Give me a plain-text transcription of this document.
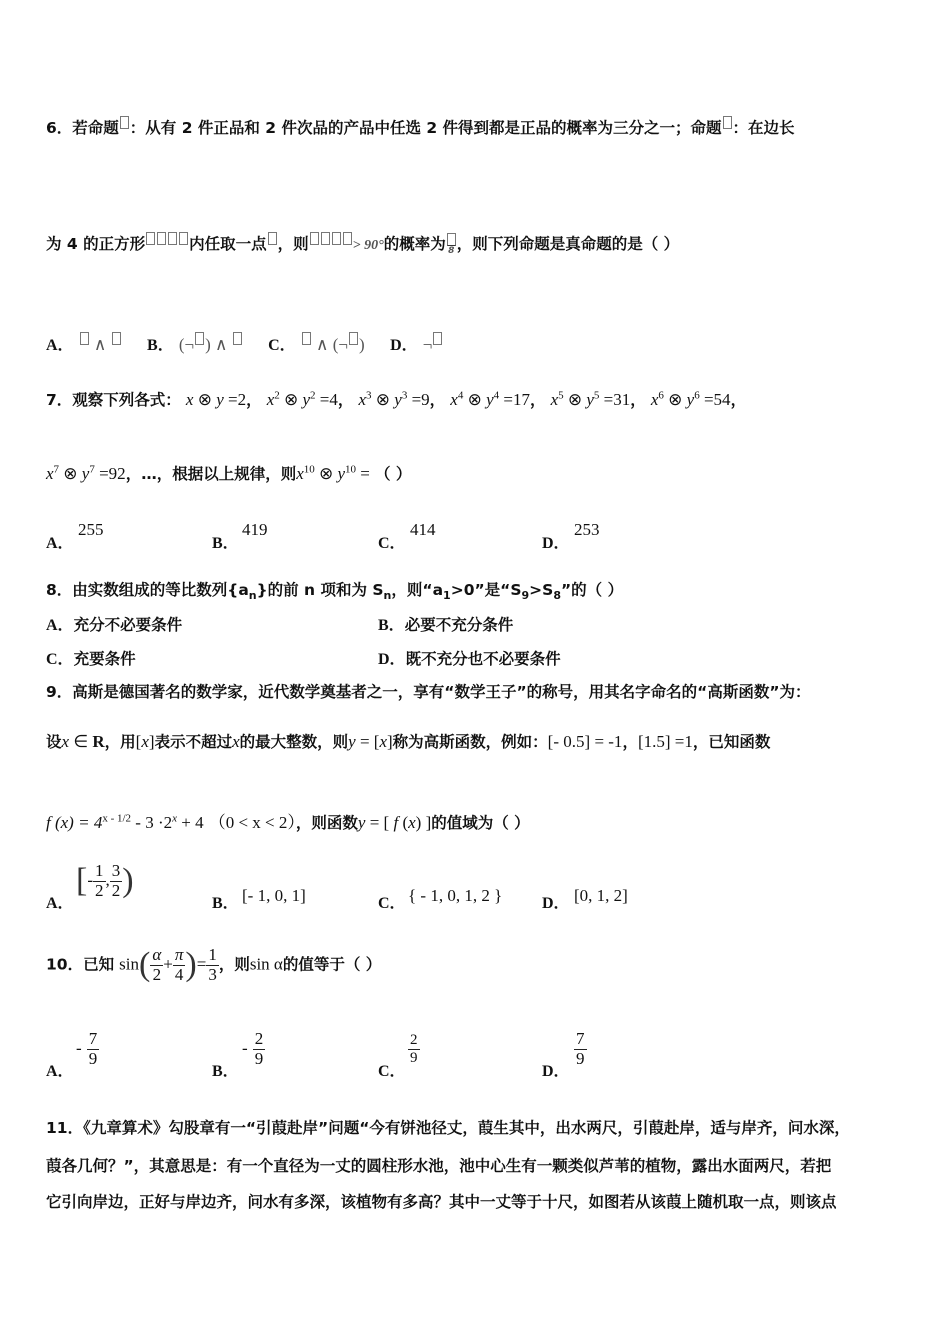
6．若命题 ：从有 2 件正品和 2 件次品的产品中任选 2 件得到都是正品的概率为三分之一；命题 ：在边长
为 4 的正方形	内任取一点 ，则	> 90°的概率为 8 ，则下列命题是真命题的是（ ）
A． ∧	B． (¬ ) ∧      C．  ∧ (¬ ) D． ¬
7．观察下列各式： x ⊗ y =2， $x^2$ ⊗ $y^2 =4$， $x^3$ ⊗ $y^3 =9$， $x^4$ ⊗ $y^4 =17$， $x^5$ ⊗ $y^5 =31$， $x^6$ ⊗ $y^6 =54$，
$x^7$ ⊗ $y^7 =92$，…，根据以上规律，则$x^{10}$ ⊗ $y^{10}$ = （ ）
A．
255
B．
419
C．
414
D．
253
8．由实数组成的等比数列$\{a_n\}$的前 n 项和为 $S_n$，则“$a_1>0$”是“$S_9>S_8$”的（ ）
A．充分不必要条件	B．必要不充分条件
C．充要条件	D．既不充分也不必要条件
9．高斯是德国著名的数学家，近代数学奠基者之一，享有“数学王子”的称号，用其名字命名的“高斯函数”为：
设x ∈ R，用[x]表示不超过x的最大整数，则y = [x]称为高斯函数，例如：[- 0.5] = -1，[1.5] =1，已知函数
f $(x) = 4^{x - 1/2} - 3 \cdot 2^x + 4$ （0 < x < 2），则函数y = [ f (x) ]的值域为（ ）
A．
[- $\frac{1}{2}$ , $\frac{3}{2}$ )
B． [- 1, 0, 1]	C． { - 1, 0, 1, 2 } D． [0, 1, 2]
10．已知 $\sin( \frac{\alpha}{2} + \frac{\pi}{4}$ )= $\frac{1}{3}$ ，则sin α的值等于（ ）
A．
- $\frac{7}{9}$
B．
- $\frac{2}{9}$
C．
$\frac{2}{9}$
D．
$\frac{7}{9}$
11．《九章算术》勾股章有一“引葭赴岸”问题“今有饼池径丈，葭生其中，出水两尺，引葭赴岸，适与岸齐，问水深，
葭各几何？”，其意思是：有一个直径为一丈的圆柱形水池，池中心生有一颗类似芦苇的植物，露出水面两尺，若把
它引向岸边，正好与岸边齐，问水有多深，该植物有多高？其中一丈等于十尺，如图若从该葭上随机取一点，则该点
